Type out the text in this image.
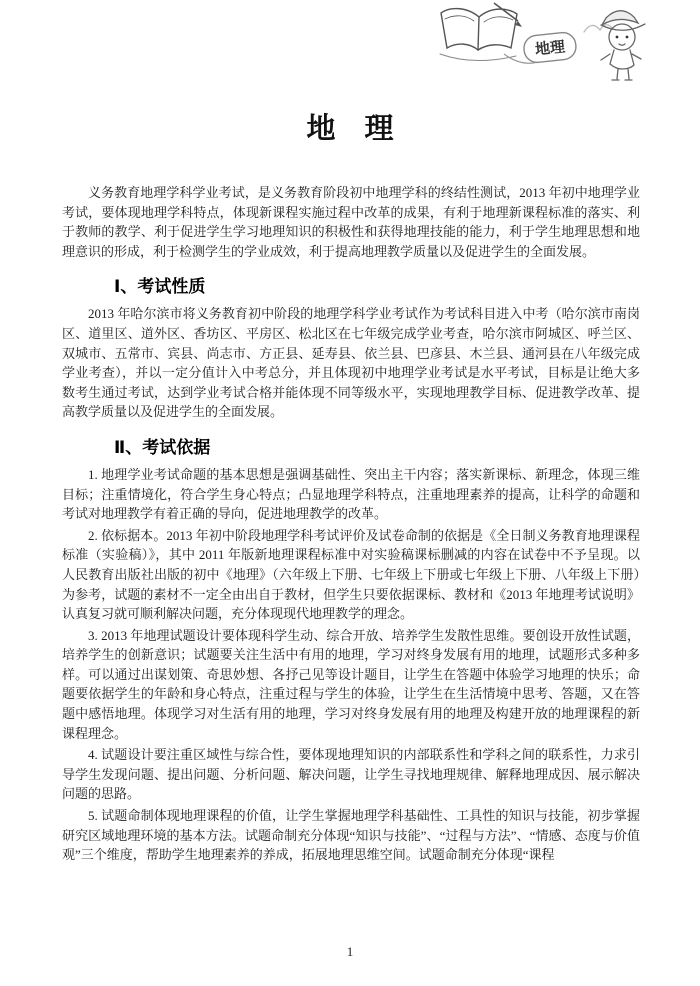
地理
地　理

义务教育地理学科学业考试，是义务教育阶段初中地理学科的终结性测试，2013 年初中地理学业考试，要体现地理学科特点，体现新课程实施过程中改革的成果，有利于地理新课程标准的落实、利于教师的教学、利于促进学生学习地理知识的积极性和获得地理技能的能力，利于学生地理思想和地理意识的形成，利于检测学生的学业成效，利于提高地理教学质量以及促进学生的全面发展。

Ⅰ、考试性质

2013 年哈尔滨市将义务教育初中阶段的地理学科学业考试作为考试科目进入中考（哈尔滨市南岗区、道里区、道外区、香坊区、平房区、松北区在七年级完成学业考查，哈尔滨市阿城区、呼兰区、双城市、五常市、宾县、尚志市、方正县、延寿县、依兰县、巴彦县、木兰县、通河县在八年级完成学业考查），并以一定分值计入中考总分，并且体现初中地理学业考试是水平考试，目标是让绝大多数考生通过考试，达到学业考试合格并能体现不同等级水平，实现地理教学目标、促进教学改革、提高教学质量以及促进学生的全面发展。

Ⅱ、考试依据

1. 地理学业考试命题的基本思想是强调基础性、突出主干内容；落实新课标、新理念，体现三维目标；注重情境化，符合学生身心特点；凸显地理学科特点，注重地理素养的提高，让科学的命题和考试对地理教学有着正确的导向，促进地理教学的改革。

2. 依标据本。2013 年初中阶段地理学科考试评价及试卷命制的依据是《全日制义务教育地理课程标准（实验稿）》，其中 2011 年版新地理课程标准中对实验稿课标删减的内容在试卷中不予呈现。以人民教育出版社出版的初中《地理》（六年级上下册、七年级上下册或七年级上下册、八年级上下册）为参考，试题的素材不一定全由出自于教材，但学生只要依据课标、教材和《2013 年地理考试说明》认真复习就可顺利解决问题，充分体现现代地理教学的理念。

3. 2013 年地理试题设计要体现科学生动、综合开放、培养学生发散性思维。要创设开放性试题，培养学生的创新意识；试题要关注生活中有用的地理，学习对终身发展有用的地理，试题形式多种多样。可以通过出谋划策、奇思妙想、各抒己见等设计题目，让学生在答题中体验学习地理的快乐；命题要依据学生的年龄和身心特点，注重过程与学生的体验，让学生在生活情境中思考、答题，又在答题中感悟地理。体现学习对生活有用的地理，学习对终身发展有用的地理及构建开放的地理课程的新课程理念。

4. 试题设计要注重区域性与综合性，要体现地理知识的内部联系性和学科之间的联系性，力求引导学生发现问题、提出问题、分析问题、解决问题，让学生寻找地理规律、解释地理成因、展示解决问题的思路。

5. 试题命制体现地理课程的价值，让学生掌握地理学科基础性、工具性的知识与技能，初步掌握研究区域地理环境的基本方法。试题命制充分体现“知识与技能”、“过程与方法”、“情感、态度与价值观”三个维度，帮助学生地理素养的养成，拓展地理思维空间。试题命制充分体现“课程

1
